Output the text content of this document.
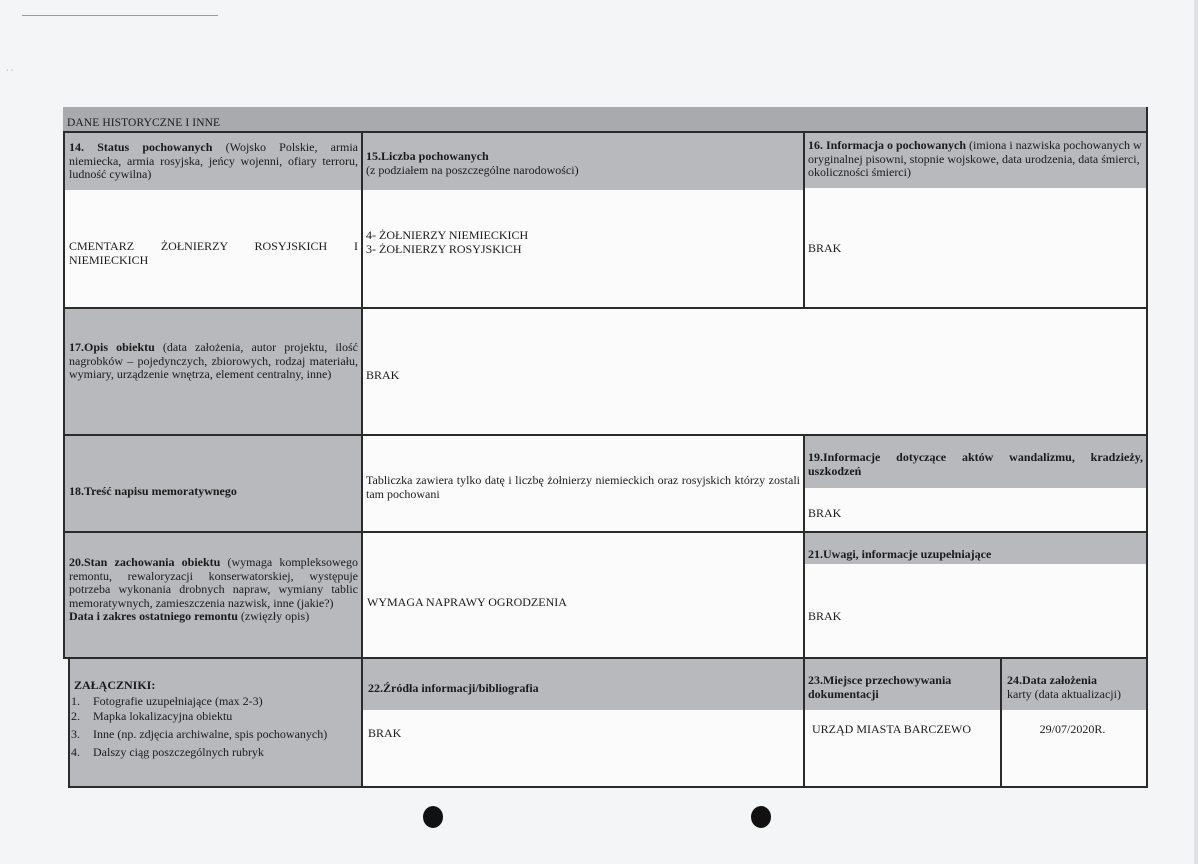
· ·
DANE HISTORYCZNE I INNE
14. Status pochowanych (Wojsko Polskie, armia niemiecka, armia rosyjska, jeńcy wojenni, ofiary terroru, ludność cywilna)
CMENTARZ ŻOŁNIERZY ROSYJSKICH I
NIEMIECKICH
15.Liczba pochowanych
(z podziałem na poszczególne narodowości)
4- ŻOŁNIERZY NIEMIECKICH
3- ŻOŁNIERZY ROSYJSKICH
16. Informacja o pochowanych (imiona i nazwiska pochowanych w oryginalnej pisowni, stopnie wojskowe, data urodzenia, data śmierci, okoliczności śmierci)
BRAK
17.Opis obiektu (data założenia, autor projektu, ilość nagrobków – pojedynczych, zbiorowych, rodzaj materiału, wymiary, urządzenie wnętrza, element centralny, inne)	BRAK
18.Treść napisu memoratywnego
Tabliczka zawiera tylko datę i liczbę żołnierzy niemieckich oraz rosyjskich którzy zostali tam pochowani
19.Informacje dotyczące aktów wandalizmu, kradzieży, uszkodzeń
BRAK
20.Stan zachowania obiektu (wymaga kompleksowego remontu, rewaloryzacji konserwatorskiej, występuje potrzeba wykonania drobnych napraw, wymiany tablic memoratywnych, zamieszczenia nazwisk, inne (jakie?)
Data i zakres ostatniego remontu (zwięzły opis)
WYMAGA NAPRAWY OGRODZENIA
21.Uwagi, informacje uzupełniające
BRAK
ZAŁĄCZNIKI:
1. Fotografie uzupełniające (max 2-3)
2. Mapka lokalizacyjna obiektu
3. Inne (np. zdjęcia archiwalne, spis pochowanych)
4. Dalszy ciąg poszczególnych rubryk
22.Źródła informacji/bibliografia
BRAK
23.Miejsce przechowywania dokumentacji
URZĄD MIASTA BARCZEWO
24.Data założenia
karty (data aktualizacji)
29/07/2020R.
